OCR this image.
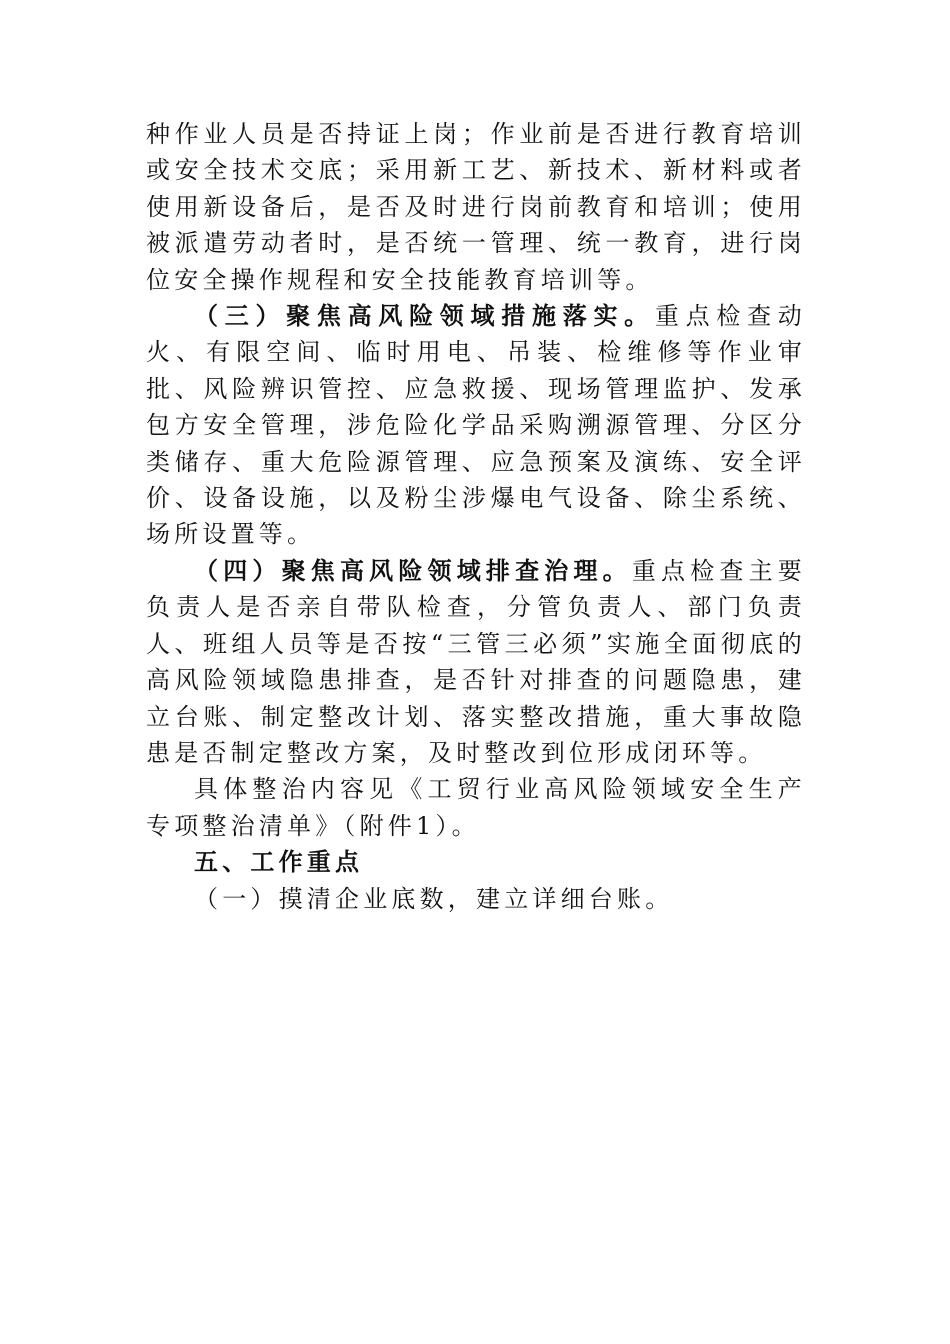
种作业人员是否持证上岗；作业前是否进行教育培训或安全技术交底；采用新工艺、新技术、新材料或者使用新设备后，是否及时进行岗前教育和培训；使用被派遣劳动者时，是否统一管理、统一教育，进行岗位安全操作规程和安全技能教育培训等。

（三）聚焦高风险领域措施落实。重点检查动火、有限空间、临时用电、吊装、检维修等作业审批、风险辨识管控、应急救援、现场管理监护、发承包方安全管理，涉危险化学品采购溯源管理、分区分类储存、重大危险源管理、应急预案及演练、安全评价、设备设施，以及粉尘涉爆电气设备、除尘系统、场所设置等。

（四）聚焦高风险领域排查治理。重点检查主要负责人是否亲自带队检查，分管负责人、部门负责人、班组人员等是否按“三管三必须”实施全面彻底的高风险领域隐患排查，是否针对排查的问题隐患，建立台账、制定整改计划、落实整改措施，重大事故隐患是否制定整改方案，及时整改到位形成闭环等。

具体整治内容见《工贸行业高风险领域安全生产专项整治清单》（附件1）。

五、工作重点

（一）摸清企业底数，建立详细台账。
